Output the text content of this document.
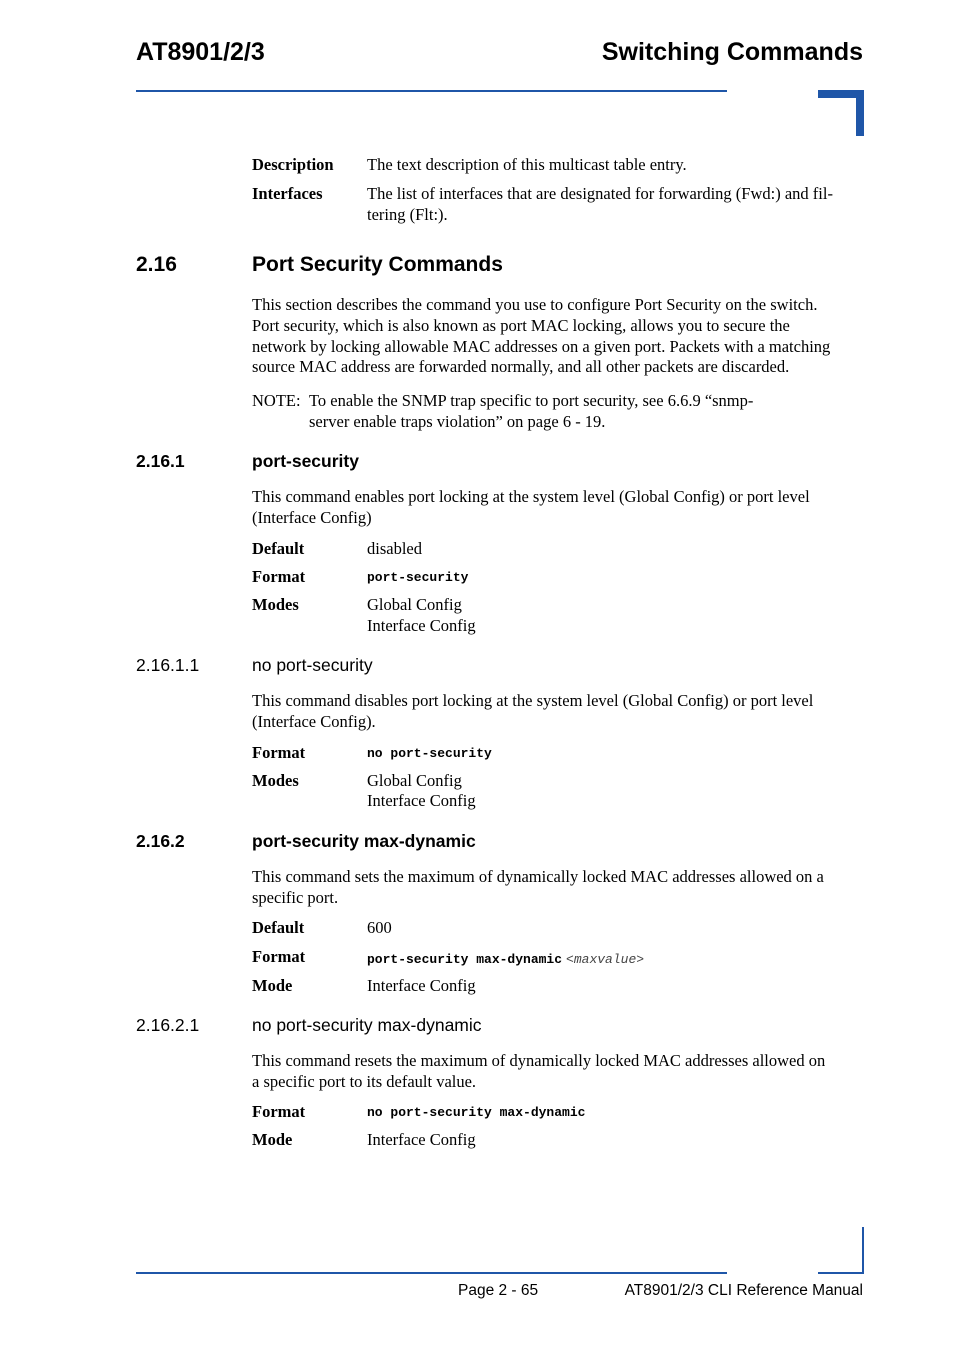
AT8901/2/3	Switching Commands
Description The text description of this multicast table entry.
Interfaces	The list of interfaces that are designated for forwarding (Fwd:) and fil-
tering (Flt:).
2.16	Port Security Commands
This section describes the command you use to configure Port Security on the switch.
Port security, which is also known as port MAC locking, allows you to secure the
network by locking allowable MAC addresses on a given port. Packets with a matching
source MAC address are forwarded normally, and all other packets are discarded.
NOTE: To enable the SNMP trap specific to port security, see 6.6.9 “snmp-
server enable traps violation” on page 6 - 19.
2.16.1	port-security
This command enables port locking at the system level (Global Config) or port level
(Interface Config)
Default	disabled
Format	port-security
Modes	Global Config
Interface Config
2.16.1.1	no port-security
This command disables port locking at the system level (Global Config) or port level
(Interface Config).
Format	no port-security
Modes	Global Config
Interface Config
2.16.2	port-security max-dynamic
This command sets the maximum of dynamically locked MAC addresses allowed on a
specific port.
Default	600
Format	port-security max-dynamic <maxvalue>
Mode	Interface Config
2.16.2.1	no port-security max-dynamic
This command resets the maximum of dynamically locked MAC addresses allowed on
a specific port to its default value.
Format	no port-security max-dynamic
Mode	Interface Config
Page 2 - 65	AT8901/2/3 CLI Reference Manual
